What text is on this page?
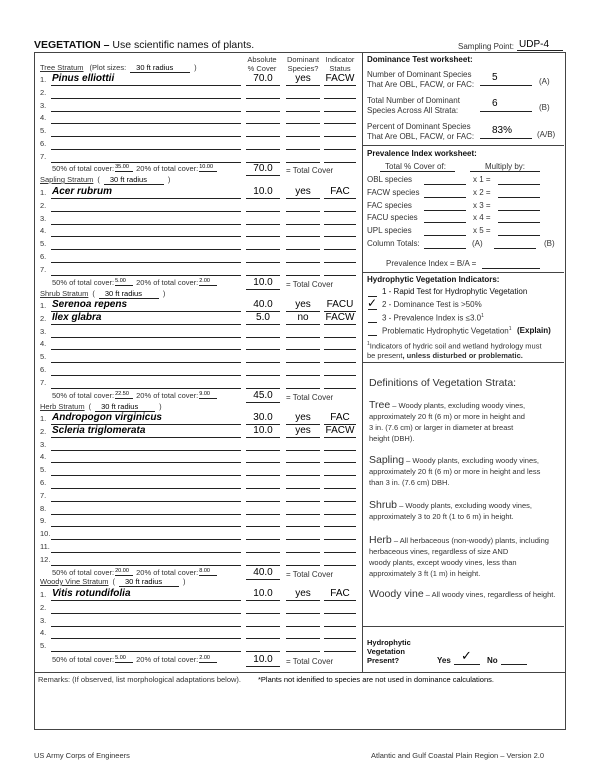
VEGETATION – Use scientific names of plants.	Sampling Point: UDP-4
Absolute
% Cover
Dominant
Species?
Indicator
Status
Tree Stratum (Plot sizes: 30 ft radius	)
1. Pinus elliottii	70.0	yes	FACW
2.
3.
4.
5.
6.
7.
50% of total cover:35.00 20% of total cover:10.00	70.0	= Total Cover
Sapling Stratum ( 30 ft radius	)
1. Acer rubrum	10.0	yes	FAC
2.
3.
4.
5.
6.
7.
50% of total cover:5.00 20% of total cover:2.00	10.0	= Total Cover
Shrub Stratum ( 30 ft radius	)
1. Serenoa repens	40.0	yes	FACU
2. Ilex glabra	5.0	no	FACW
3.
4.
5.
6.
7.
50% of total cover:22.50 20% of total cover:9.00	45.0	= Total Cover
Herb Stratum ( 30 ft radius	)
1. Andropogon virginicus	30.0	yes	FAC
2. Scleria triglomerata	10.0	yes	FACW
3.
4.
5.
6.
7.
8.
9.
10.
11.
12.
50% of total cover:20.00 20% of total cover:8.00	40.0	= Total Cover
Woody Vine Stratum ( 30 ft radius	)
1. Vitis rotundifolia	10.0	yes	FAC
2.
3.
4.
5.
50% of total cover:5.00 20% of total cover:2.00	10.0	= Total Cover
Dominance Test worksheet:
Number of Dominant Species
That Are OBL, FACW, or FAC:
5	(A)
Total Number of Dominant
Species Across All Strata:
6	(B)
Percent of Dominant Species
That Are OBL, FACW, or FAC:
83%	(A/B)
Prevalence Index worksheet:
Total % Cover of:	Multiply by:
OBL species	x 1 =
FACW species	x 2 =
FAC species	x 3 =
FACU species	x 4 =
UPL species	x 5 =
Column Totals:	(A)	(B)
Prevalence Index = B/A =
Hydrophytic Vegetation Indicators:
1 - Rapid Test for Hydrophytic Vegetation
✓ 2 - Dominance Test is >50%
3 - Prevalence Index is $\le 3.0^1$
Problematic Hydrophytic Vegetation$^1$ (Explain)
$^1$Indicators of hydric soil and wetland hydrology must
be present, unless disturbed or problematic.
Definitions of Vegetation Strata:
Tree – Woody plants, excluding woody vines,
approximately 20 ft (6 m) or more in height and
3 in. (7.6 cm) or larger in diameter at breast
height (DBH).
Sapling – Woody plants, excluding woody vines,
approximately 20 ft (6 m) or more in height and less
than 3 in. (7.6 cm) DBH.
Shrub – Woody plants, excluding woody vines,
approximately 3 to 20 ft (1 to 6 m) in height.
Herb – All herbaceous (non-woody) plants, including
herbaceous vines, regardless of size AND
woody plants, except woody vines, less than
approximately 3 ft (1 m) in height.
Woody vine – All woody vines, regardless of height.
Hydrophytic
Vegetation
Present?	Yes ✓ No
Remarks: (If observed, list morphological adaptations below). *Plants not idenified to species are not used in dominance calculations.
US Army Corps of Engineers	Atlantic and Gulf Coastal Plain Region – Version 2.0
